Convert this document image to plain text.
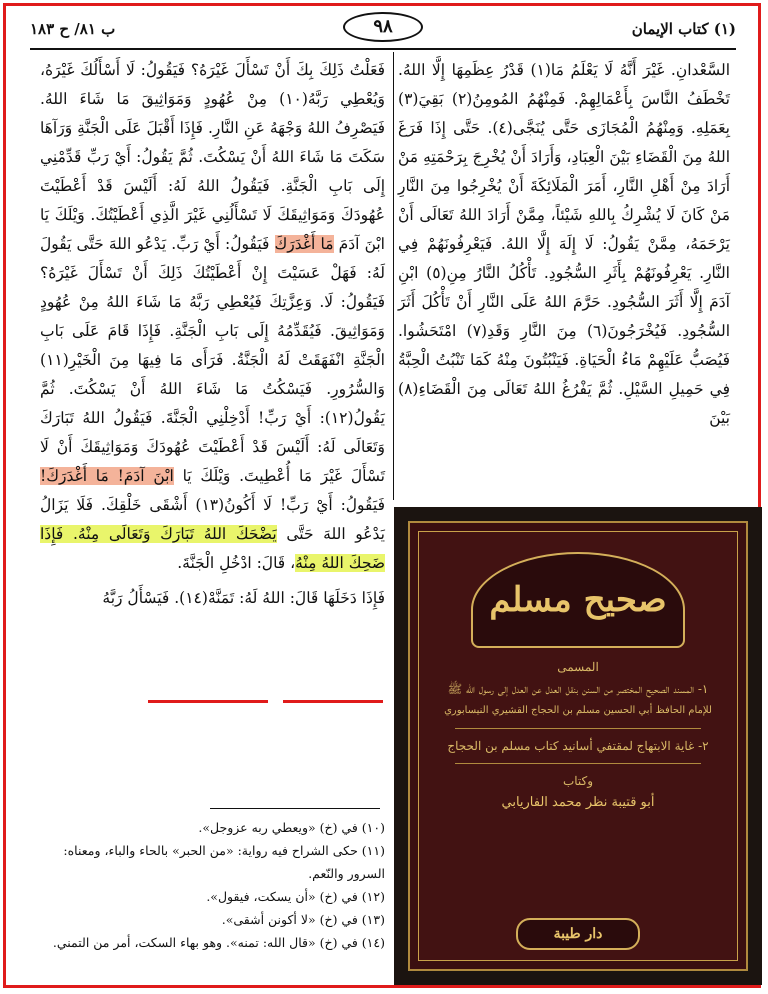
(١) كتاب الإيمان
٩٨
ب ٨١/ ح ١٨٣

السَّعْدانِ. غَيْرَ أَنَّهُ لَا يَعْلَمُ مَا(١) قَدْرُ عِظَمِهَا إِلَّا اللهُ. تَخْطَفُ النَّاسَ بِأَعْمَالِهِمْ. فَمِنْهُمُ المُومِنُ(٢) بَقِيَ(٣) بِعَمَلِهِ. وَمِنْهُمُ الْمُجَازَى حَتَّى يُنَجَّى(٤). حَتَّى إِذَا فَرَغَ اللهُ مِنَ الْقَضَاءِ بَيْنَ الْعِبَادِ، وَأَرَادَ أَنْ يُخْرِجَ بِرَحْمَتِهِ مَنْ أَرَادَ مِنْ أَهْلِ النَّارِ، أَمَرَ الْمَلَائِكَةَ أَنْ يُخْرِجُوا مِنَ النَّارِ مَنْ كَانَ لَا يُشْرِكُ بِاللهِ شَيْئاً، مِمَّنْ أَرَادَ اللهُ تَعَالَى أَنْ يَرْحَمَهُ، مِمَّنْ يَقُولُ: لَا إِلَهَ إِلَّا اللهُ. فَيَعْرِفُونَهُمْ فِي النَّارِ. يَعْرِفُونَهُمْ بِأَثَرِ السُّجُودِ. تَأْكُلُ النَّارُ مِنِ(٥) ابْنِ آدَمَ إِلَّا أَثَرَ السُّجُودِ. حَرَّمَ اللهُ عَلَى النَّارِ أَنْ تَأْكُلَ أَثَرَ السُّجُودِ. فَيُخْرَجُونَ(٦) مِنَ النَّارِ وَقَدِ(٧) امْتَحَشُوا. فَيُصَبُّ عَلَيْهِمْ مَاءُ الْحَيَاةِ. فَيَنْبُتُونَ مِنْهُ كَمَا تَنْبُتُ الْحِبَّةُ فِي حَمِيلِ السَّيْلِ. ثُمَّ يَفْرُغُ اللهُ تَعَالَى مِنَ الْقَضَاءِ(٨) بَيْنَ

فَعَلْتُ ذَلِكَ بِكَ أَنْ تَسْأَلَ غَيْرَهُ؟ فَيَقُولُ: لَا أَسْأَلُكَ غَيْرَهُ، وَيُعْطِي رَبَّهُ(١٠) مِنْ عُهُودٍ وَمَوَاثِيقَ مَا شَاءَ اللهُ. فَيَصْرِفُ اللهُ وَجْهَهُ عَنِ النَّارِ. فَإِذَا أَقْبَلَ عَلَى الْجَنَّةِ وَرَآهَا سَكَتَ مَا شَاءَ اللهُ أَنْ يَسْكُتَ. ثُمَّ يَقُولُ: أَيْ رَبِّ قَدِّمْنِي إِلَى بَابِ الْجَنَّةِ. فَيَقُولُ اللهُ لَهُ: أَلَيْسَ قَدْ أَعْطَيْتَ عُهُودَكَ وَمَوَاثِيقَكَ لَا تَسْأَلُنِي غَيْرَ الَّذِي أَعْطَيْتُكَ. وَيْلَكَ يَا ابْنَ آدَمَ مَا أَغْدَرَكَ فَيَقُولُ: أَيْ رَبِّ. يَدْعُو اللهَ حَتَّى يَقُولَ لَهُ: فَهَلْ عَسَيْتَ إِنْ أَعْطَيْتُكَ ذَلِكَ أَنْ تَسْأَلَ غَيْرَهُ؟ فَيَقُولُ: لَا. وَعِزَّتِكَ فَيُعْطِي رَبَّهُ مَا شَاءَ اللهُ مِنْ عُهُودٍ وَمَوَاثِيقَ. فَيُقَدِّمُهُ إِلَى بَابِ الْجَنَّةِ. فَإِذَا قَامَ عَلَى بَابِ الْجَنَّةِ انْفَهَقَتْ لَهُ الْجَنَّةُ. فَرَأَى مَا فِيهَا مِنَ الْخَيْرِ(١١) وَالسُّرُورِ. فَيَسْكُتُ مَا شَاءَ اللهُ أَنْ يَسْكُتَ. ثُمَّ يَقُولُ(١٢): أَيْ رَبِّ! أَدْخِلْنِي الْجَنَّةَ. فَيَقُولُ اللهُ تَبَارَكَ وَتَعَالَى لَهُ: أَلَيْسَ قَدْ أَعْطَيْتَ عُهُودَكَ وَمَوَاثِيقَكَ أَنْ لَا تَسْأَلَ غَيْرَ مَا أُعْطِيتَ. وَيْلَكَ يَا ابْنَ آدَمَ! مَا أَغْدَرَكَ! فَيَقُولُ: أَيْ رَبِّ! لَا أَكُونُ(١٣) أَشْقَى خَلْقِكَ. فَلَا يَزَالُ يَدْعُو اللهَ حَتَّى يَضْحَكَ اللهُ تَبَارَكَ وَتَعَالَى مِنْهُ. فَإِذَا ضَحِكَ اللهُ مِنْهُ، قَالَ: ادْخُلِ الْجَنَّةَ.

فَإِذَا دَخَلَهَا قَالَ: اللهُ لَهُ: تَمَنَّهْ(١٤). فَيَسْأَلُ رَبَّهُ

(١٠) في (خ) «ويعطي ربه عزوجل».

(١١) حكى الشراح فيه رواية: «من الحبر» بالحاء والباء، ومعناه: السرور والنّعم.

(١٢) في (خ) «أن يسكت، فيقول».

(١٣) في (خ) «لا أكونن أشقى».

(١٤) في (خ) «قال الله: تمنه». وهو بهاء السكت، أمر من التمني.

صحيح مسلم

المسمى

١- المسند الصحيح المختصر من السنن بنقل العدل عن العدل إلى رسول الله ﷺ

للإمام الحافظ أبي الحسين مسلم بن الحجاج القشيري النيسابوري

٢- غاية الابتهاج لمقتفي أسانيد كتاب مسلم بن الحجاج

وكتاب

أبو قتيبة نظر محمد الفاريابي

دار طيبة
